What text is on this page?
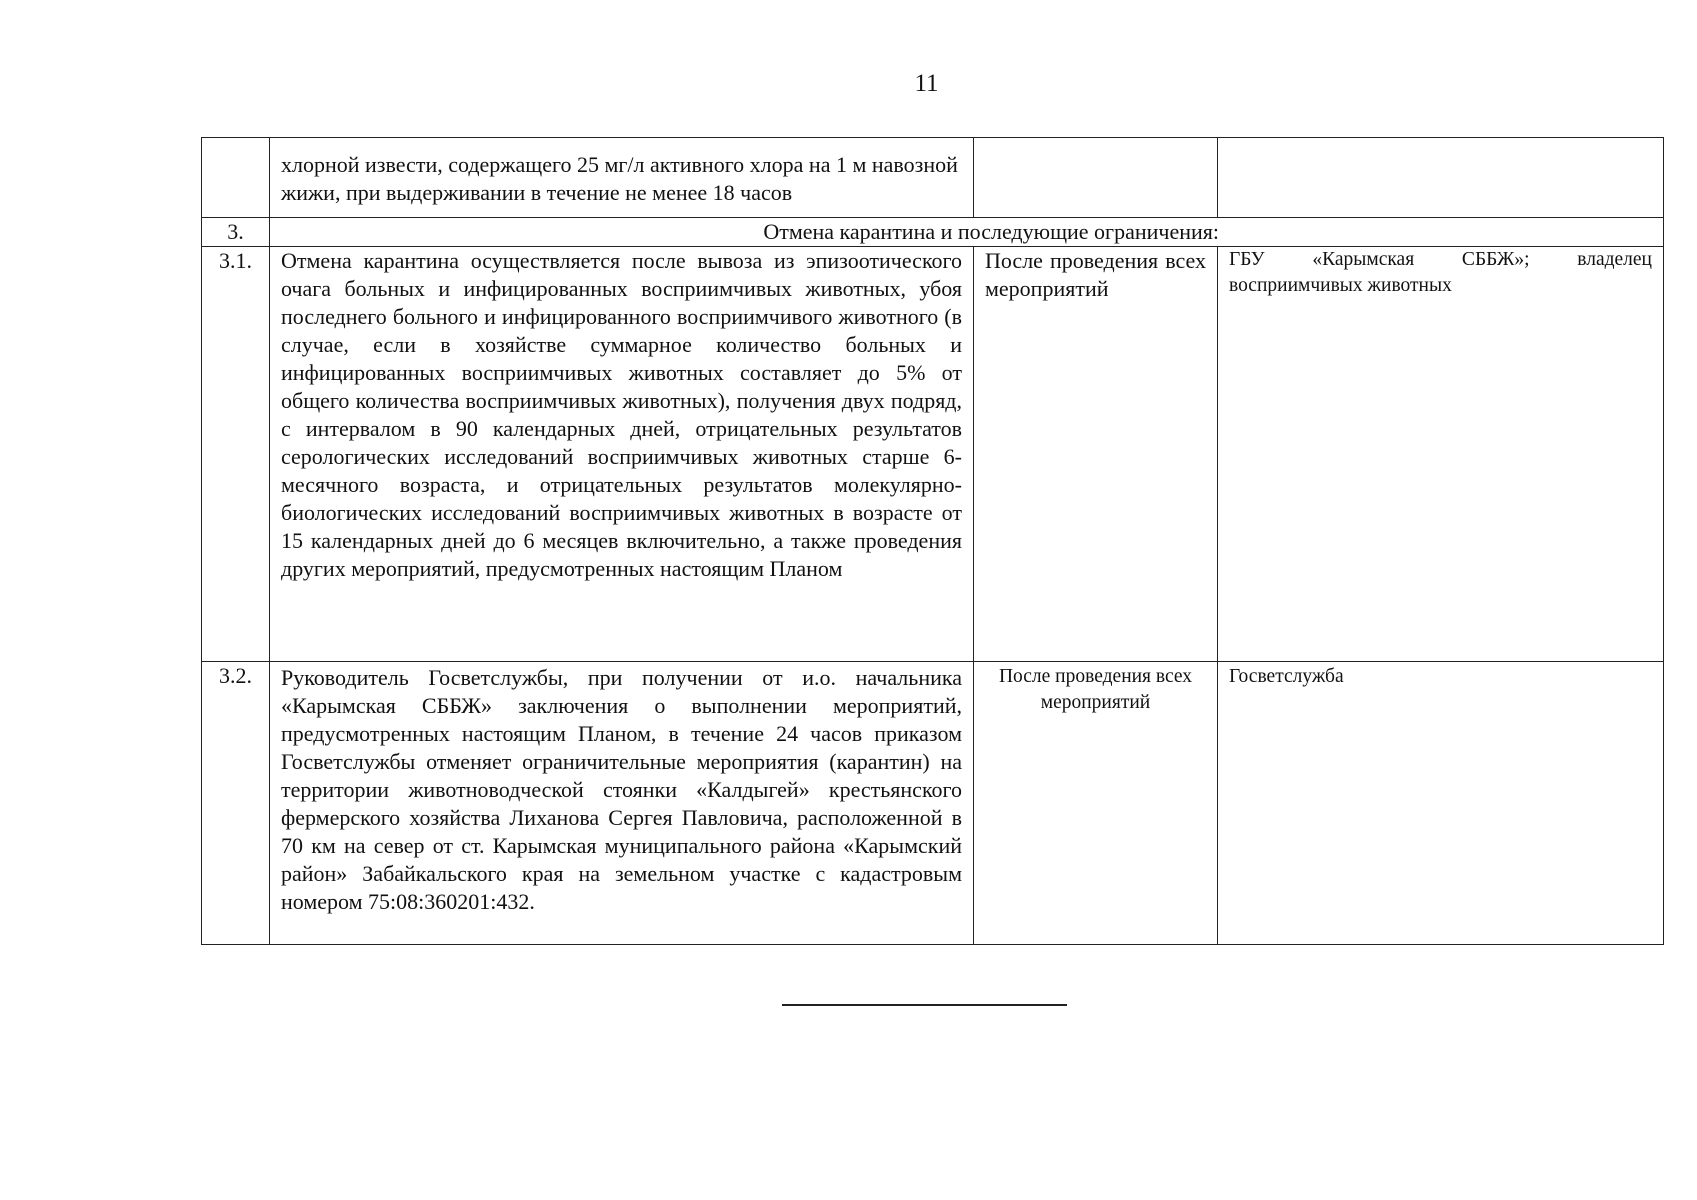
11
	хлорной извести, содержащего 25 мг/л активного хлора на 1 м навозной жижи, при выдерживании в течение не менее 18 часов		
3.	Отмена карантина и последующие ограничения:		
3.1.	Отмена карантина осуществляется после вывоза из эпизоотического очага больных и инфицированных восприимчивых животных, убоя последнего больного и инфицированного восприимчивого животного (в случае, если в хозяйстве суммарное количество больных и инфицированных восприимчивых животных составляет до 5% от общего количества восприимчивых животных), получения двух подряд, с интервалом в 90 календарных дней, отрицательных результатов серологических исследований восприимчивых животных старше 6-месячного возраста, и отрицательных результатов молекулярно-биологических исследований восприимчивых животных в возрасте от 15 календарных дней до 6 месяцев включительно, а также проведения других мероприятий, предусмотренных настоящим Планом	После проведения всех мероприятий	ГБУ «Карымская СББЖ»; владелец восприимчивых животных
3.2.	Руководитель Госветслужбы, при получении от и.о. начальника «Карымская СББЖ» заключения о выполнении мероприятий, предусмотренных настоящим Планом, в течение 24 часов приказом Госветслужбы отменяет ограничительные мероприятия (карантин) на территории животноводческой стоянки «Калдыгей» крестьянского фермерского хозяйства Лиханова Сергея Павловича, расположенной в 70 км на север от ст. Карымская муниципального района «Карымский район» Забайкальского края на земельном участке с кадастровым номером 75:08:360201:432.	После проведения всех мероприятий	Госветслужба
